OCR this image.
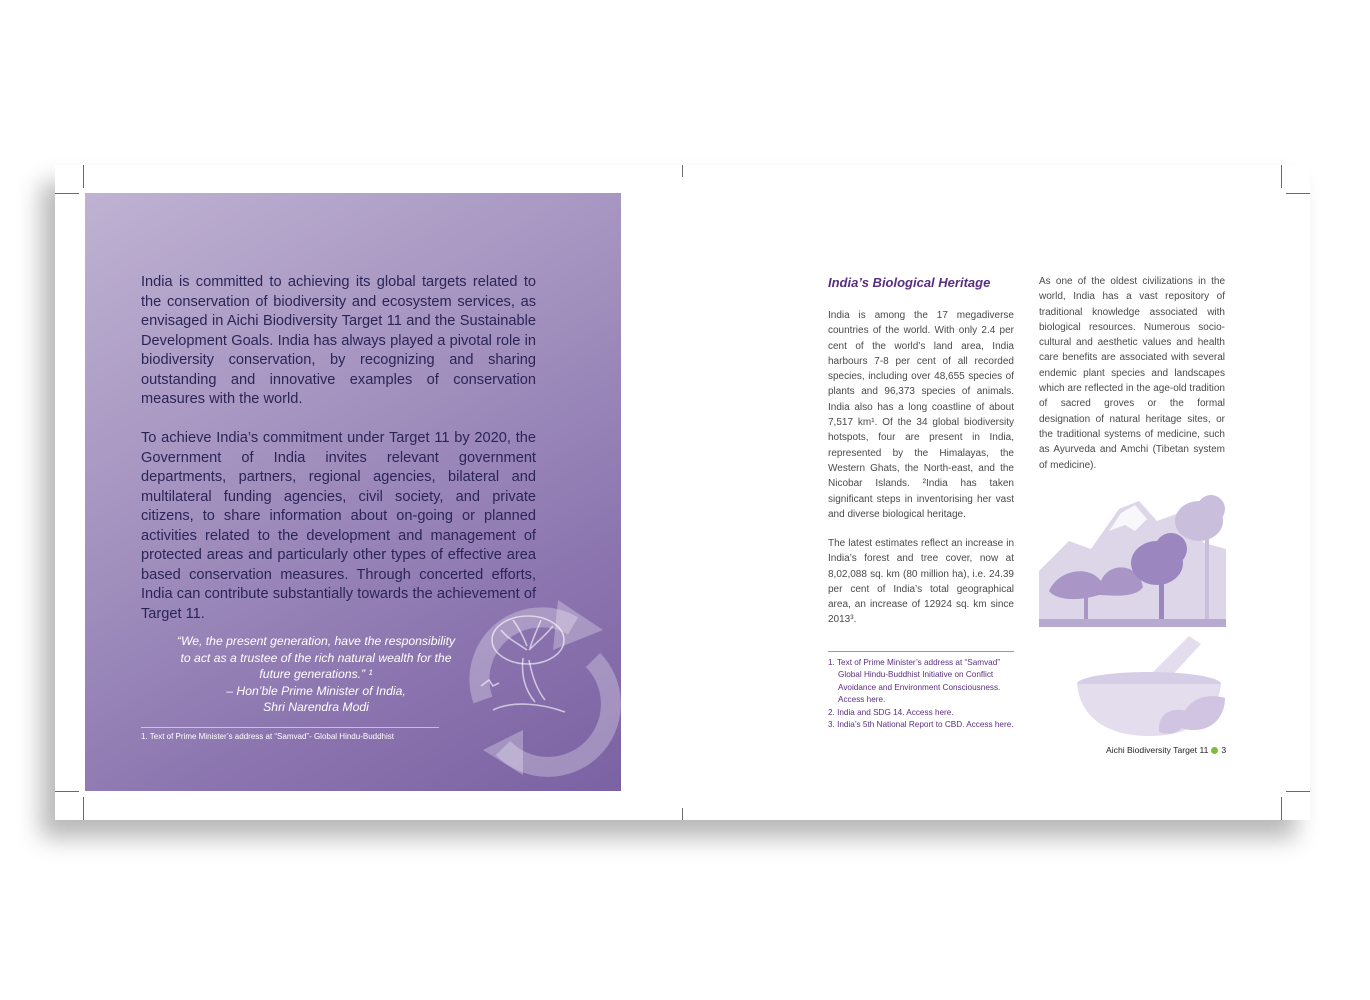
India is committed to achieving its global targets related to the conservation of biodiversity and ecosystem services, as envisaged in Aichi Biodiversity Target 11 and the Sustainable Development Goals. India has always played a pivotal role in biodiversity conservation, by recognizing and sharing outstanding and innovative examples of conservation measures with the world.

To achieve India’s commitment under Target 11 by 2020, the Government of India invites relevant government departments, partners, regional agencies, bilateral and multilateral funding agencies, civil society, and private citizens, to share information about on-going or planned activities related to the development and management of protected areas and particularly other types of effective area based conservation measures. Through concerted efforts, India can contribute substantially towards the achievement of Target 11.

“We, the present generation, have the responsibility to act as a trustee of the rich natural wealth for the future generations.” ¹
– Hon’ble Prime Minister of India,
Shri Narendra Modi
1. Text of Prime Minister’s address at “Samvad”- Global Hindu-Buddhist
India’s Biological Heritage

India is among the 17 megadiverse countries of the world. With only 2.4 per cent of the world’s land area, India harbours 7-8 per cent of all recorded species, including over 48,655 species of plants and 96,373 species of animals. India also has a long coastline of about 7,517 km¹. Of the 34 global biodiversity hotspots, four are present in India, represented by the Himalayas, the Western Ghats, the North-east, and the Nicobar Islands. ²India has taken significant steps in inventorising her vast and diverse biological heritage.

The latest estimates reflect an increase in India’s forest and tree cover, now at 8,02,088 sq. km (80 million ha), i.e. 24.39 per cent of India’s total geographical area, an increase of 12924 sq. km since 2013³.

As one of the oldest civilizations in the world, India has a vast repository of traditional knowledge associated with biological resources. Numerous socio-cultural and aesthetic values and health care benefits are associated with several endemic plant species and landscapes which are reflected in the age-old tradition of sacred groves or the formal designation of natural heritage sites, or the traditional systems of medicine, such as Ayurveda and Amchi (Tibetan system of medicine).

1. Text of Prime Minister’s address at “Samvad” Global Hindu-Buddhist Initiative on Conflict Avoidance and Environment Consciousness. Access here.
2. India and SDG 14. Access here.
3. India’s 5th National Report to CBD. Access here.
Aichi Biodiversity Target 11 3
